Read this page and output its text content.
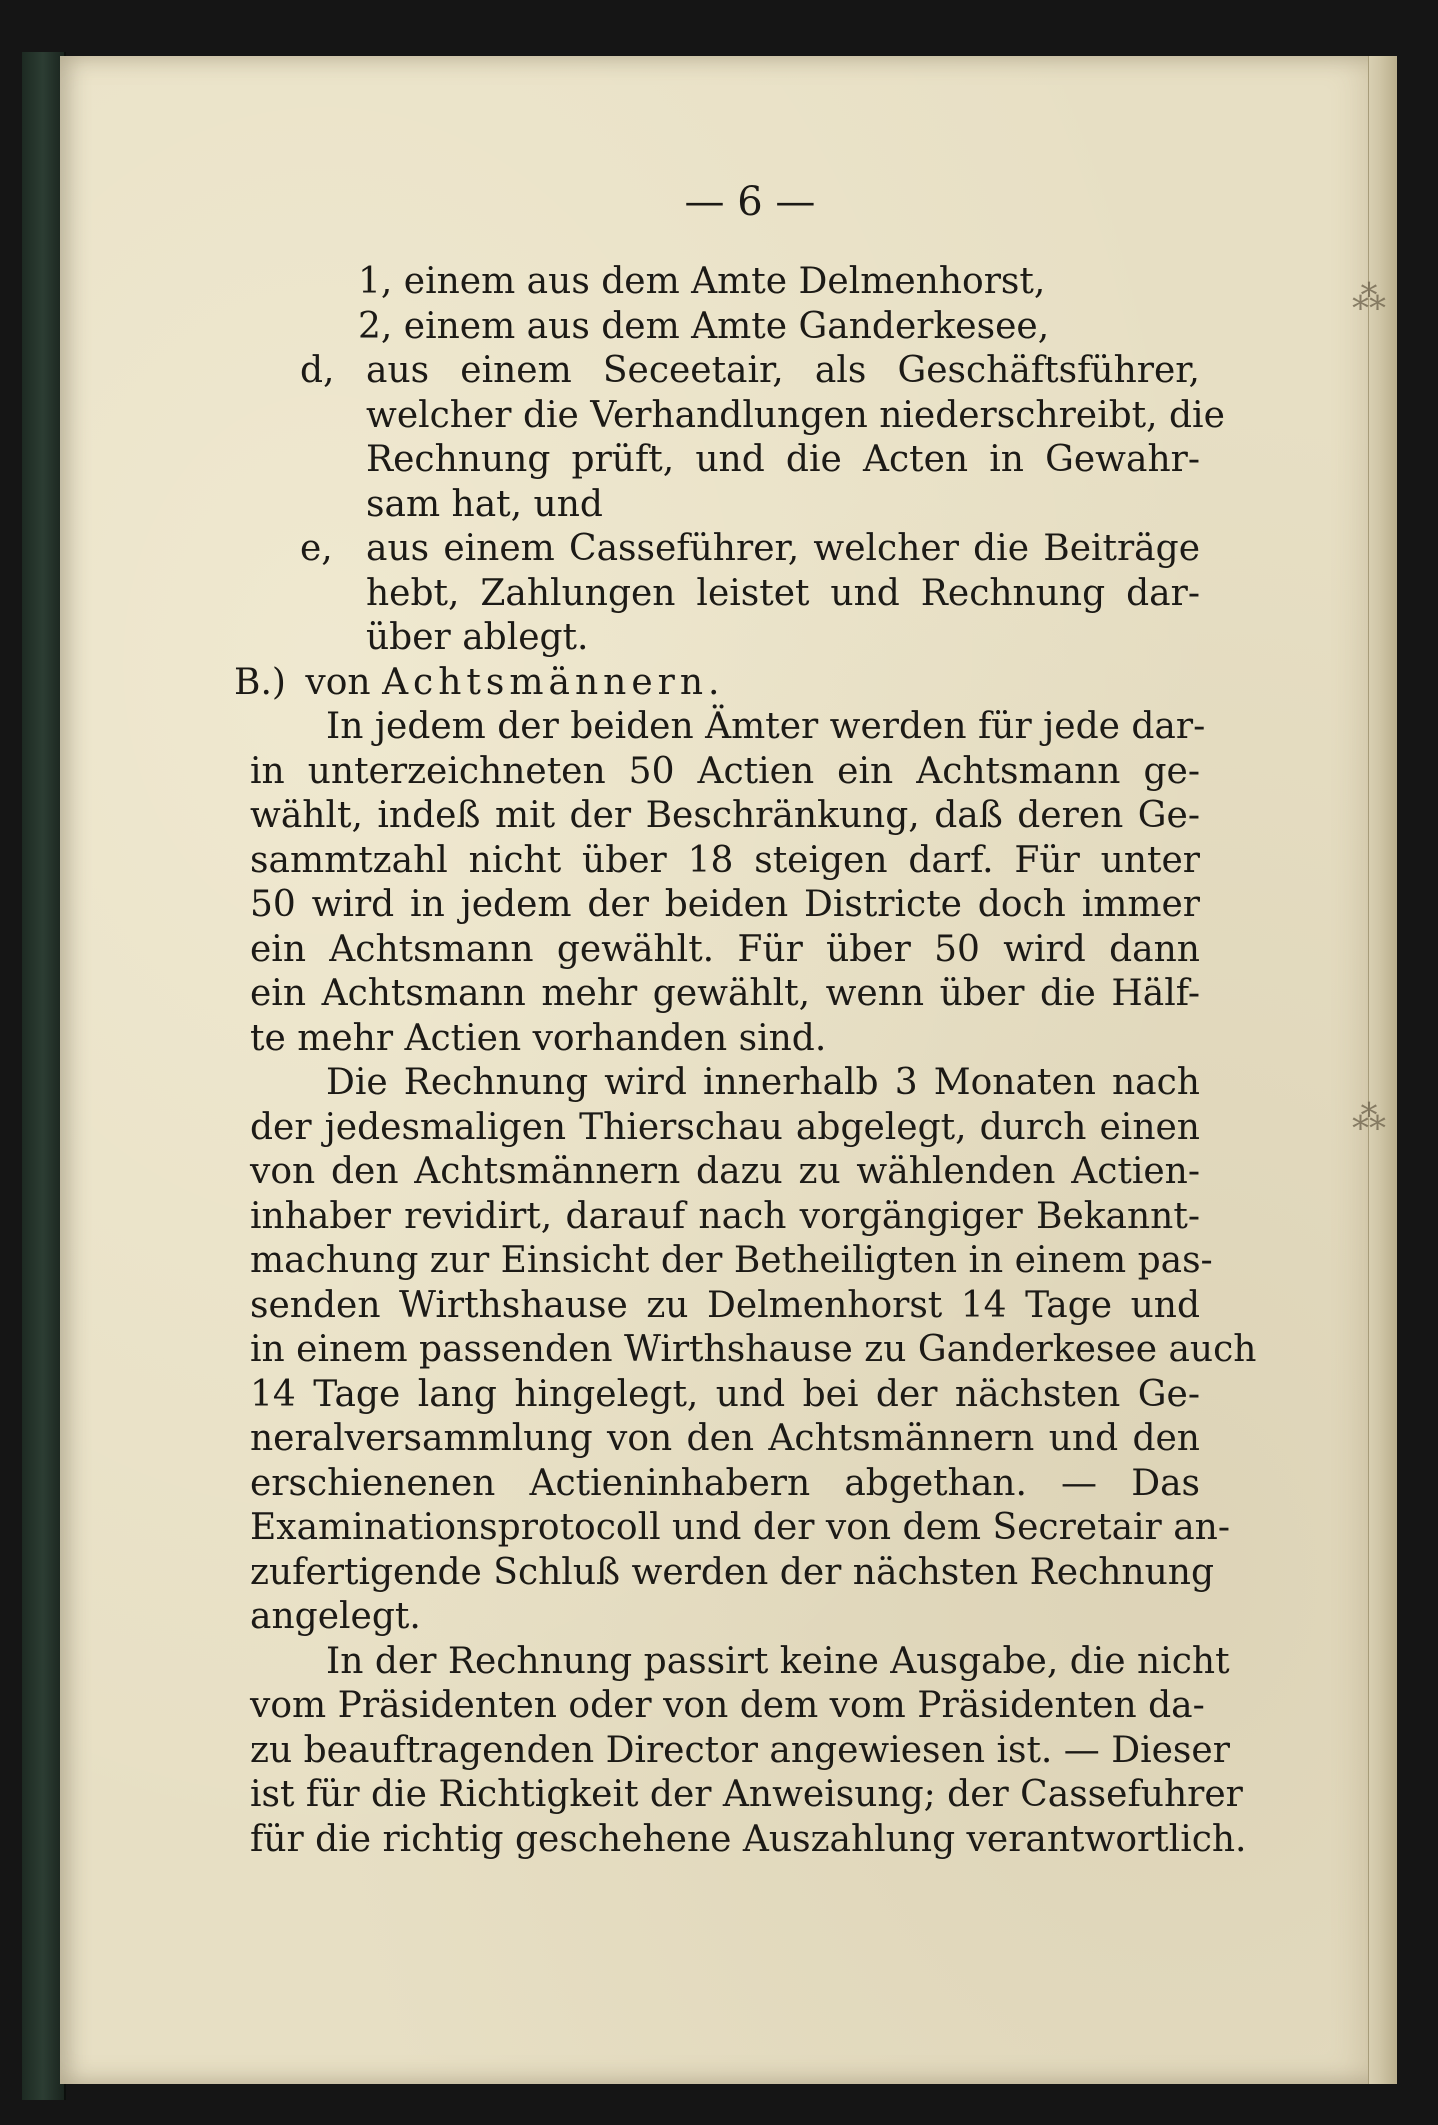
⁂
⁂
— 6 —
1, einem aus dem Amte Delmenhorst,
2, einem aus dem Amte Ganderkesee,
d, aus einem Seceetair, als Geschäftsführer,
welcher die Verhandlungen niederschreibt, die
Rechnung prüft, und die Acten in Gewahr-
sam hat, und
e, aus einem Casseführer, welcher die Beiträge
hebt, Zahlungen leistet und Rechnung dar-
über ablegt.
B.) von Achtsmännern.
In jedem der beiden Ämter werden für jede dar-
in unterzeichneten 50 Actien ein Achtsmann ge-
wählt, indeß mit der Beschränkung, daß deren Ge-
sammtzahl nicht über 18 steigen darf. Für unter
50 wird in jedem der beiden Districte doch immer
ein Achtsmann gewählt. Für über 50 wird dann
ein Achtsmann mehr gewählt, wenn über die Hälf-
te mehr Actien vorhanden sind.
Die Rechnung wird innerhalb 3 Monaten nach
der jedesmaligen Thierschau abgelegt, durch einen
von den Achtsmännern dazu zu wählenden Actien-
inhaber revidirt, darauf nach vorgängiger Bekannt-
machung zur Einsicht der Betheiligten in einem pas-
senden Wirthshause zu Delmenhorst 14 Tage und
in einem passenden Wirthshause zu Ganderkesee auch
14 Tage lang hingelegt, und bei der nächsten Ge-
neralversammlung von den Achtsmännern und den
erschienenen Actieninhabern abgethan. — Das
Examinationsprotocoll und der von dem Secretair an-
zufertigende Schluß werden der nächsten Rechnung
angelegt.
In der Rechnung passirt keine Ausgabe, die nicht
vom Präsidenten oder von dem vom Präsidenten da-
zu beauftragenden Director angewiesen ist. — Dieser
ist für die Richtigkeit der Anweisung; der Cassefuhrer
für die richtig geschehene Auszahlung verantwortlich.
